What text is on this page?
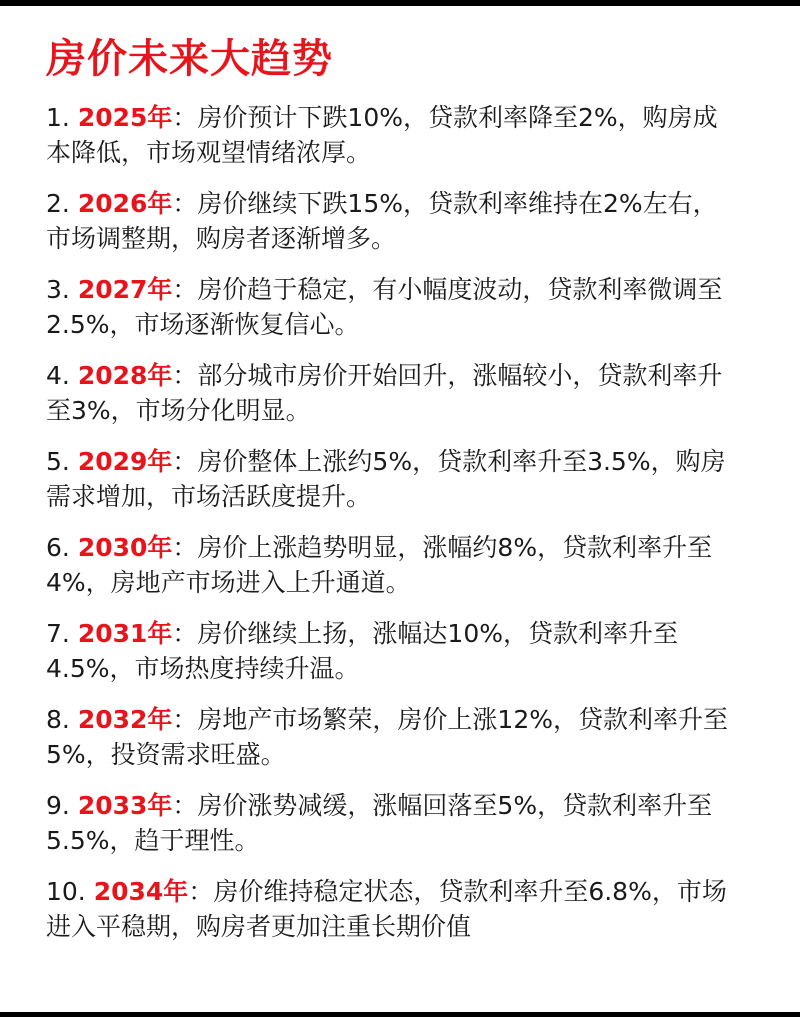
房价未来大趋势
1. 2025年：房价预计下跌10%，贷款利率降至2%，购房成
本降低，市场观望情绪浓厚。
2. 2026年：房价继续下跌15%，贷款利率维持在2%左右，
市场调整期，购房者逐渐增多。
3. 2027年：房价趋于稳定，有小幅度波动，贷款利率微调至
2.5%，市场逐渐恢复信心。
4. 2028年：部分城市房价开始回升，涨幅较小，贷款利率升
至3%，市场分化明显。
5. 2029年：房价整体上涨约5%，贷款利率升至3.5%，购房
需求增加，市场活跃度提升。
6. 2030年：房价上涨趋势明显，涨幅约8%，贷款利率升至
4%，房地产市场进入上升通道。
7. 2031年：房价继续上扬，涨幅达10%，贷款利率升至
4.5%，市场热度持续升温。
8. 2032年：房地产市场繁荣，房价上涨12%，贷款利率升至
5%，投资需求旺盛。
9. 2033年：房价涨势减缓，涨幅回落至5%，贷款利率升至
5.5%，趋于理性。
10. 2034年：房价维持稳定状态，贷款利率升至6.8%，市场
进入平稳期，购房者更加注重长期价值
